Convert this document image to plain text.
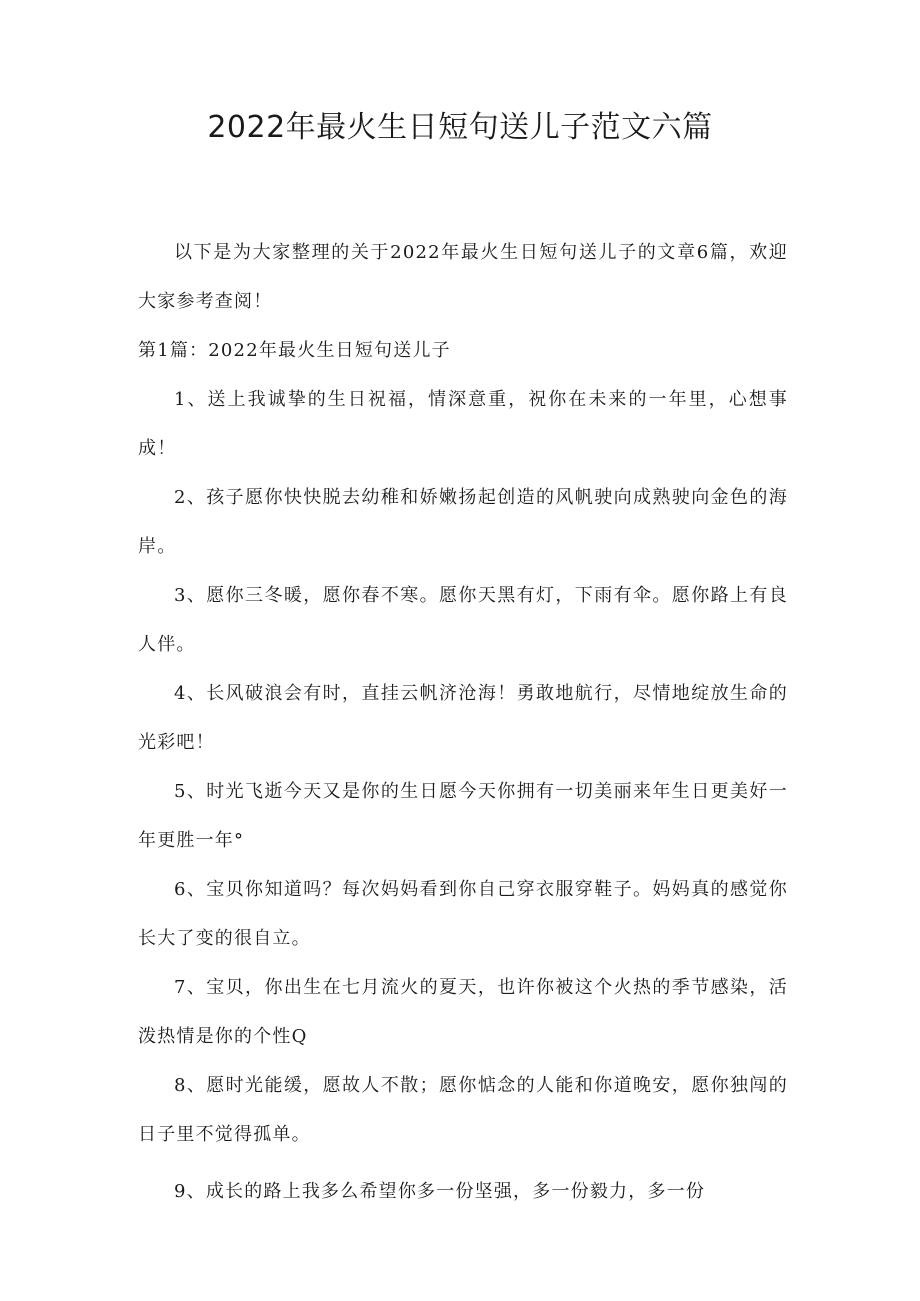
2022年最火生日短句送儿子范文六篇

以下是为大家整理的关于2022年最火生日短句送儿子的文章6篇，欢迎大家参考查阅！

第1篇：2022年最火生日短句送儿子

1、送上我诚挚的生日祝福，情深意重，祝你在未来的一年里，心想事成！

2、孩子愿你快快脱去幼稚和娇嫩扬起创造的风帆驶向成熟驶向金色的海岸。

3、愿你三冬暖，愿你春不寒。愿你天黑有灯，下雨有伞。愿你路上有良人伴。

4、长风破浪会有时，直挂云帆济沧海！勇敢地航行，尽情地绽放生命的光彩吧！

5、时光飞逝今天又是你的生日愿今天你拥有一切美丽来年生日更美好一年更胜一年°

6、宝贝你知道吗？每次妈妈看到你自己穿衣服穿鞋子。妈妈真的感觉你长大了变的很自立。

7、宝贝，你出生在七月流火的夏天，也许你被这个火热的季节感染，活泼热情是你的个性Q

8、愿时光能缓，愿故人不散；愿你惦念的人能和你道晚安，愿你独闯的日子里不觉得孤单。

9、成长的路上我多么希望你多一份坚强，多一份毅力，多一份
